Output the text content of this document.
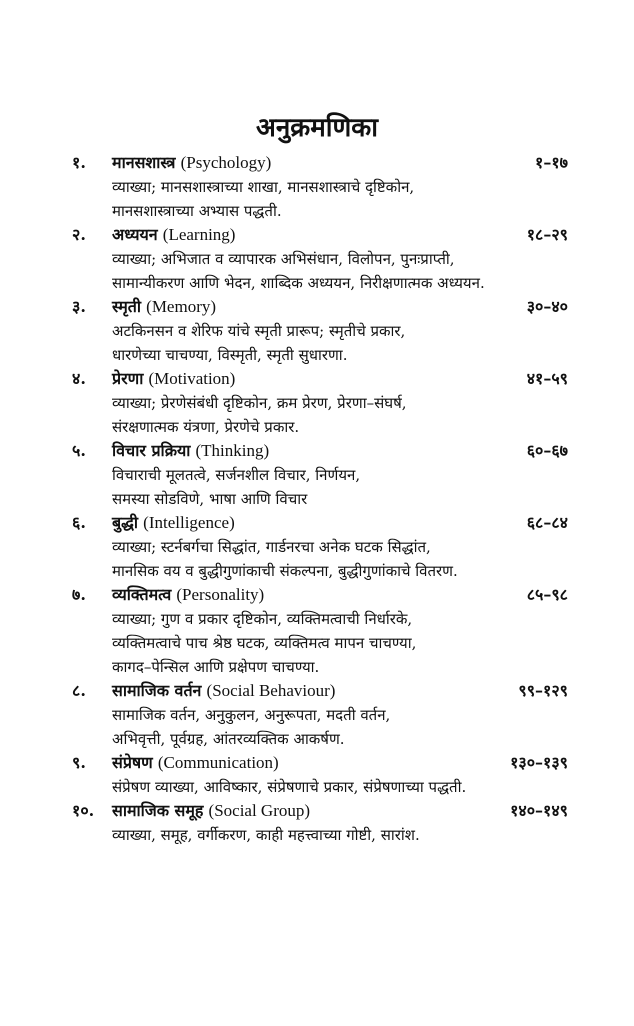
अनुक्रमणिका
१. मानसशास्त्र (Psychology)	१–१७
व्याख्या; मानसशास्त्राच्या शाखा, मानसशास्त्राचे दृष्टिकोन,
मानसशास्त्राच्या अभ्यास पद्धती.
२. अध्ययन (Learning)	१८–२९
व्याख्या; अभिजात व व्यापारक अभिसंधान, विलोपन, पुनःप्राप्ती,
सामान्यीकरण आणि भेदन, शाब्दिक अध्ययन, निरीक्षणात्मक अध्ययन.
३. स्मृती (Memory)	३०–४०
अटकिनसन व शेरिफ यांचे स्मृती प्रारूप; स्मृतीचे प्रकार,
धारणेच्या चाचण्या, विस्मृती, स्मृती सुधारणा.
४. प्रेरणा (Motivation)	४१–५९
व्याख्या; प्रेरणेसंबंधी दृष्टिकोन, क्रम प्रेरण, प्रेरणा–संघर्ष,
संरक्षणात्मक यंत्रणा, प्रेरणेचे प्रकार.
५. विचार प्रक्रिया (Thinking)	६०–६७
विचाराची मूलतत्वे, सर्जनशील विचार, निर्णयन,
समस्या सोडविणे, भाषा आणि विचार
६. बुद्धी (Intelligence)	६८–८४
व्याख्या; स्टर्नबर्गचा सिद्धांत, गार्डनरचा अनेक घटक सिद्धांत,
मानसिक वय व बुद्धीगुणांकाची संकल्पना, बुद्धीगुणांकाचे वितरण.
७. व्यक्तिमत्व (Personality)	८५–९८
व्याख्या; गुण व प्रकार दृष्टिकोन, व्यक्तिमत्वाची निर्धारके,
व्यक्तिमत्वाचे पाच श्रेष्ठ घटक, व्यक्तिमत्व मापन चाचण्या,
कागद–पेन्सिल आणि प्रक्षेपण चाचण्या.
८. सामाजिक वर्तन (Social Behaviour)	९९–१२९
सामाजिक वर्तन, अनुकुलन, अनुरूपता, मदती वर्तन,
अभिवृत्ती, पूर्वग्रह, आंतरव्यक्तिक आकर्षण.
९. संप्रेषण (Communication)	१३०–१३९
संप्रेषण व्याख्या, आविष्कार, संप्रेषणाचे प्रकार, संप्रेषणाच्या पद्धती.
१०. सामाजिक समूह (Social Group)	१४०–१४९
व्याख्या, समूह, वर्गीकरण, काही महत्त्वाच्या गोष्टी, सारांश.
